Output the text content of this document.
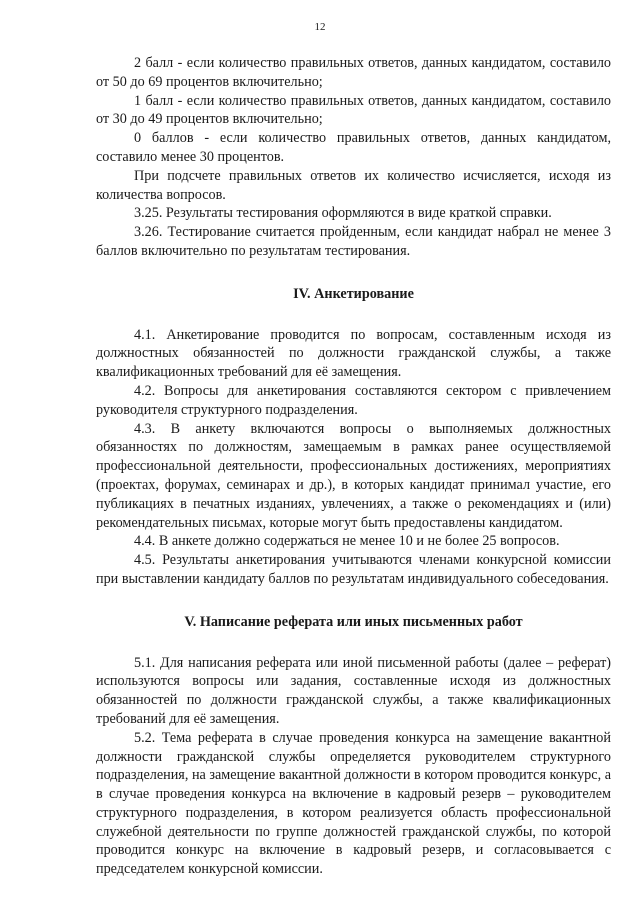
12

2 балл - если количество правильных ответов, данных кандидатом, составило от 50 до 69 процентов включительно;

1 балл - если количество правильных ответов, данных кандидатом, составило от 30 до 49 процентов включительно;

0 баллов - если количество правильных ответов, данных кандидатом, составило менее 30 процентов.

При подсчете правильных ответов их количество исчисляется, исходя из количества вопросов.

3.25. Результаты тестирования оформляются в виде краткой справки.

3.26. Тестирование считается пройденным, если кандидат набрал не менее 3 баллов включительно по результатам тестирования.

IV. Анкетирование

4.1. Анкетирование проводится по вопросам, составленным исходя из должностных обязанностей по должности гражданской службы, а также квалификационных требований для её замещения.

4.2. Вопросы для анкетирования составляются сектором с привлечением руководителя структурного подразделения.

4.3. В анкету включаются вопросы о выполняемых должностных обязанностях по должностям, замещаемым в рамках ранее осуществляемой профессиональной деятельности, профессиональных достижениях, мероприятиях (проектах, форумах, семинарах и др.), в которых кандидат принимал участие, его публикациях в печатных изданиях, увлечениях, а также о рекомендациях и (или) рекомендательных письмах, которые могут быть предоставлены кандидатом.

4.4. В анкете должно содержаться не менее 10 и не более 25 вопросов.

4.5. Результаты анкетирования учитываются членами конкурсной комиссии при выставлении кандидату баллов по результатам индивидуального собеседования.

V. Написание реферата или иных письменных работ

5.1. Для написания реферата или иной письменной работы (далее – реферат) используются вопросы или задания, составленные исходя из должностных обязанностей по должности гражданской службы, а также квалификационных требований для её замещения.

5.2. Тема реферата в случае проведения конкурса на замещение вакантной должности гражданской службы определяется руководителем структурного подразделения, на замещение вакантной должности в котором проводится конкурс, а в случае проведения конкурса на включение в кадровый резерв – руководителем структурного подразделения, в котором реализуется область профессиональной служебной деятельности по группе должностей гражданской службы, по которой проводится конкурс на включение в кадровый резерв, и согласовывается с председателем конкурсной комиссии.
